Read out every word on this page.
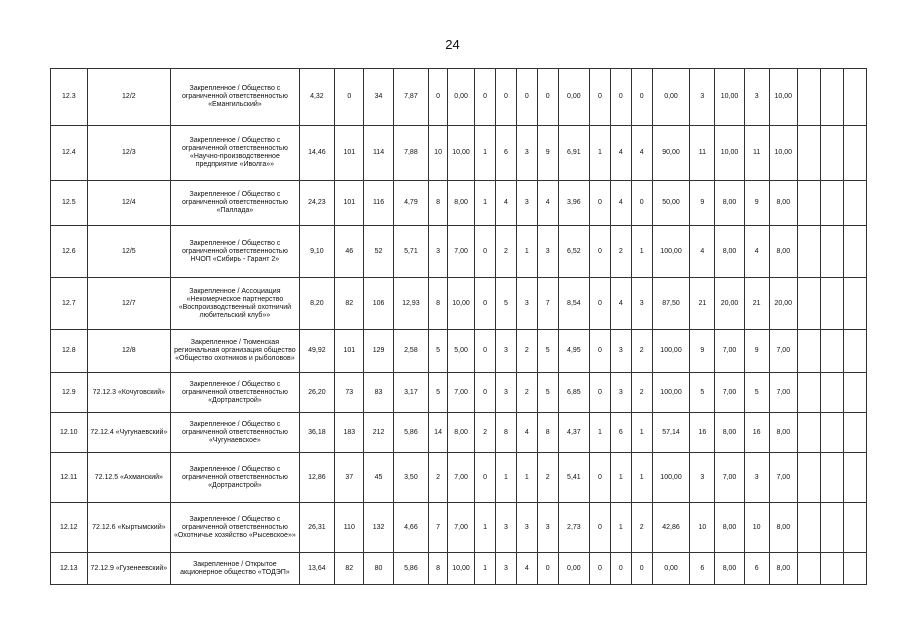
24
12.3	12/2	Закрепленное / Общество с ограниченной ответственностью «Емангильский»	4,32	0	34	7,87	0	0,00	0	0	0	0	0,00	0	0	0	0,00	3	10,00	3	10,00			
12.4	12/3	Закрепленное / Общество с ограниченной ответственностью «Научно-производственное предприятие «Иволга»»	14,46	101	114	7,88	10	10,00	1	6	3	9	6,91	1	4	4	90,00	11	10,00	11	10,00			
12.5	12/4	Закрепленное / Общество с ограниченной ответственностью «Паллада»	24,23	101	116	4,79	8	8,00	1	4	3	4	3,96	0	4	0	50,00	9	8,00	9	8,00			
12.6	12/5	Закрепленное / Общество с ограниченной ответственностью НЧОП «Сибирь - Гарант 2»	9,10	46	52	5,71	3	7,00	0	2	1	3	6,52	0	2	1	100,00	4	8,00	4	8,00			
12.7	12/7	Закрепленное / Ассоциация «Некомерческое партнерство «Воспроизводственный охотничий любительский клуб»»	8,20	82	106	12,93	8	10,00	0	5	3	7	8,54	0	4	3	87,50	21	20,00	21	20,00			
12.8	12/8	Закрепленное / Тюменская региональная организация общество «Общество охотников и рыболовов»	49,92	101	129	2,58	5	5,00	0	3	2	5	4,95	0	3	2	100,00	9	7,00	9	7,00			
12.9	72.12.3 «Кочуговский»	Закрепленное / Общество с ограниченной ответственностью «Дортранстрой»	26,20	73	83	3,17	5	7,00	0	3	2	5	6,85	0	3	2	100,00	5	7,00	5	7,00			
12.10	72.12.4 «Чугунаевский»	Закрепленное / Общество с ограниченной ответственностью «Чугунаевское»	36,18	183	212	5,86	14	8,00	2	8	4	8	4,37	1	6	1	57,14	16	8,00	16	8,00			
12.11	72.12.5 «Ахманский»	Закрепленное / Общество с ограниченной ответственностью «Дортранстрой»	12,86	37	45	3,50	2	7,00	0	1	1	2	5,41	0	1	1	100,00	3	7,00	3	7,00			
12.12	72.12.6 «Кыртымский»	Закрепленное / Общество с ограниченной ответственностью «Охотничье хозяйство «Рысевское»»	26,31	110	132	4,66	7	7,00	1	3	3	3	2,73	0	1	2	42,86	10	8,00	10	8,00			
12.13	72.12.9 «Гузенеевский»	Закрепленное / Открытое акционерное общество «ТОДЭП»	13,64	82	80	5,86	8	10,00	1	3	4	0	0,00	0	0	0	0,00	6	8,00	6	8,00			
